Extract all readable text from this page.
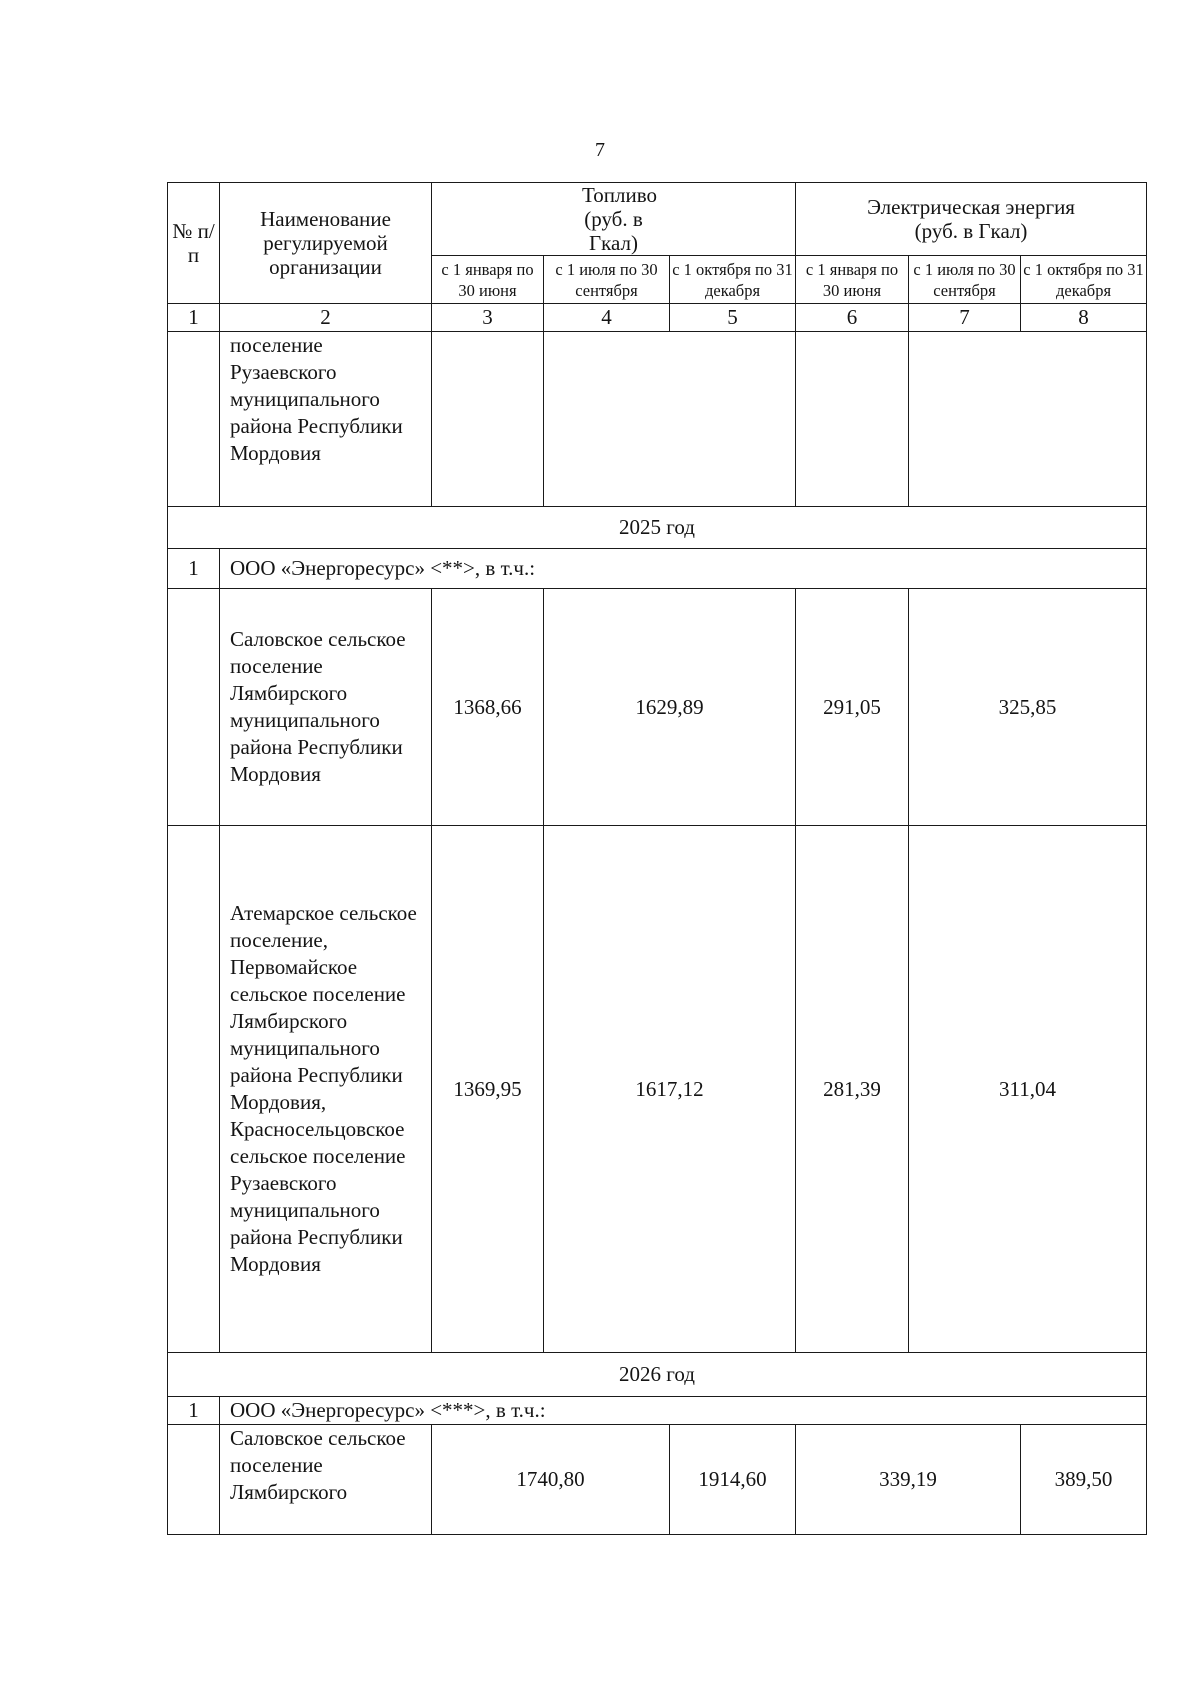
7
№ п/п	Наименование регулируемой организации	Топливо (руб. в Гкал)			Электрическая энергия (руб. в Гкал)		
		с 1 января по 30 июня	с 1 июля по 30 сентября	с 1 октября по 31 декабря	с 1 января по 30 июня	с 1 июля по 30 сентября	с 1 октября по 31 декабря
1	2	3	4	5	6	7	8
	поселение Рузаевского муниципального района Республики Мордовия						
2025 год							
1	ООО «Энергоресурс» <**>, в т.ч.:						
	Саловское сельское поселение Лямбирского муниципального района Республики Мордовия	1368,66	1629,89		291,05	325,85	
	Атемарское сельское поселение, Первомайское сельское поселение Лямбирского муниципального района Республики Мордовия, Красносельцовское сельское поселение Рузаевского муниципального района Республики Мордовия	1369,95	1617,12		281,39	311,04	
2026 год							
1	ООО «Энергоресурс» <***>, в т.ч.:						
	Саловское сельское поселение Лямбирского	1740,80		1914,60	339,19		389,50
